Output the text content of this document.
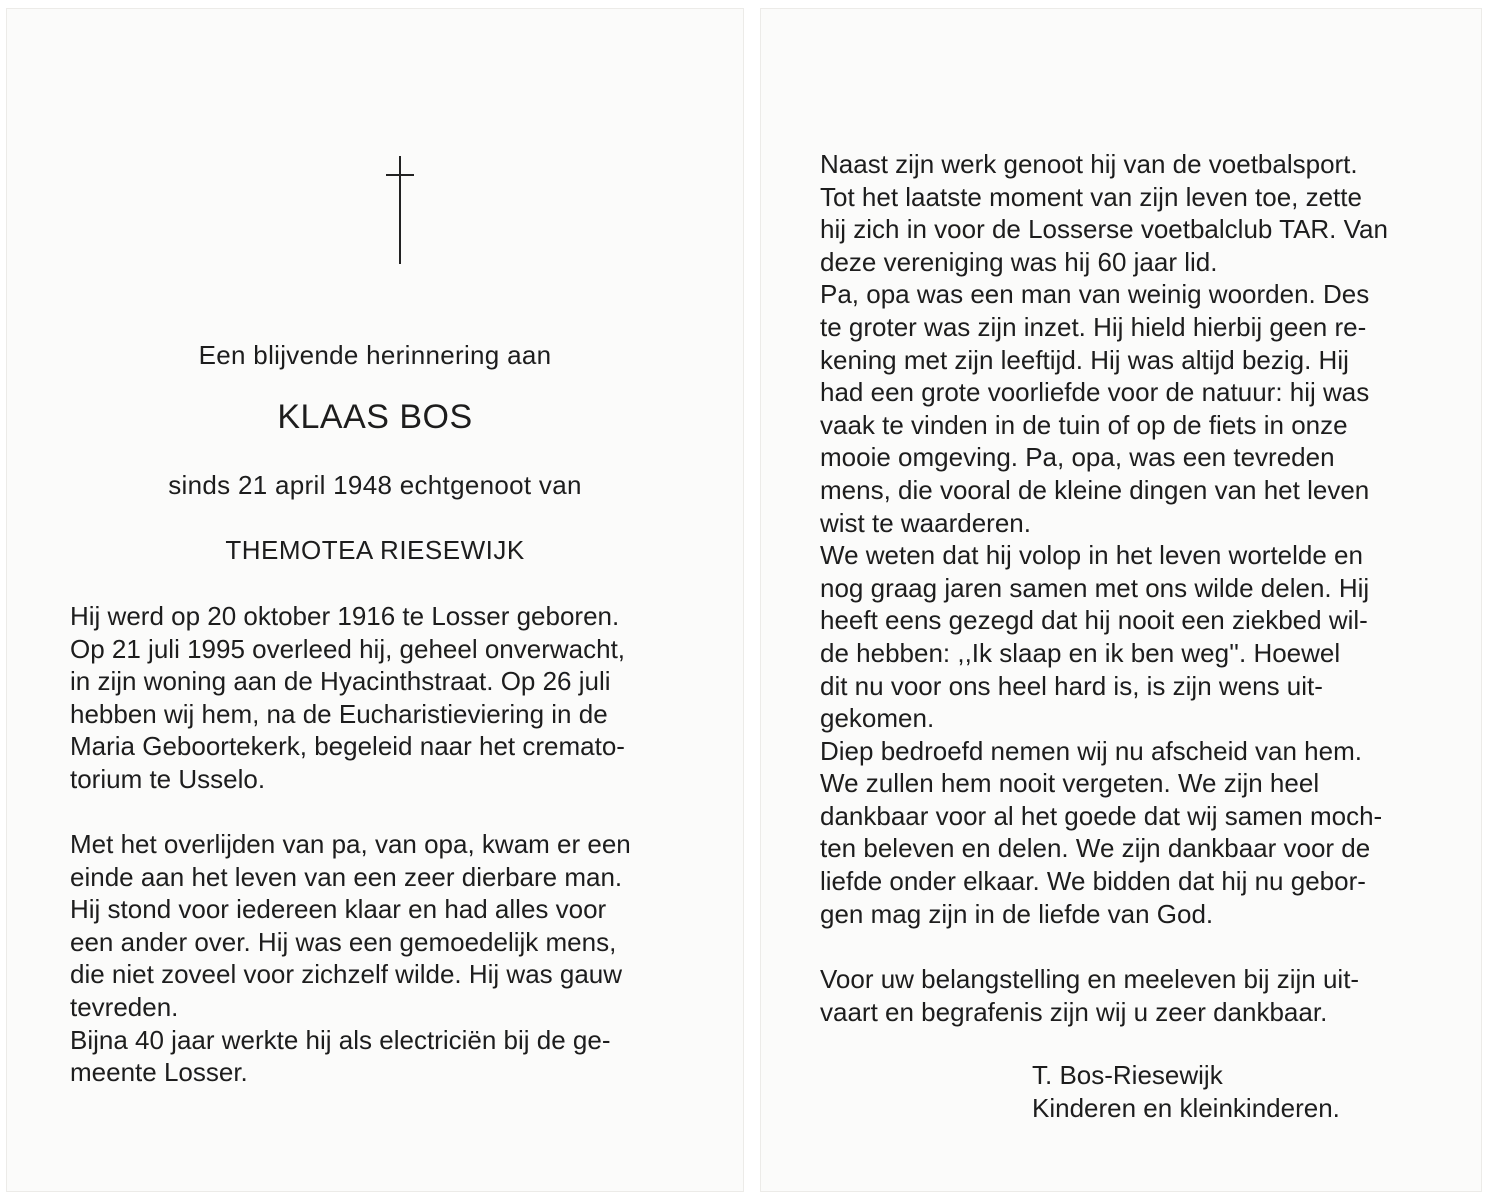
Een blijvende herinnering aan
KLAAS BOS
sinds 21 april 1948 echtgenoot van
THEMOTEA RIESEWIJK

Hij werd op 20 oktober 1916 te Losser geboren.
Op 21 juli 1995 overleed hij, geheel onverwacht,
in zijn woning aan de Hyacinthstraat. Op 26 juli
hebben wij hem, na de Eucharistieviering in de
Maria Geboortekerk, begeleid naar het cremato-
torium te Usselo.

Met het overlijden van pa, van opa, kwam er een
einde aan het leven van een zeer dierbare man.
Hij stond voor iedereen klaar en had alles voor
een ander over. Hij was een gemoedelijk mens,
die niet zoveel voor zichzelf wilde. Hij was gauw
tevreden.
Bijna 40 jaar werkte hij als electriciën bij de ge-
meente Losser.

Naast zijn werk genoot hij van de voetbalsport.
Tot het laatste moment van zijn leven toe, zette
hij zich in voor de Losserse voetbalclub TAR. Van
deze vereniging was hij 60 jaar lid.
Pa, opa was een man van weinig woorden. Des
te groter was zijn inzet. Hij hield hierbij geen re-
kening met zijn leeftijd. Hij was altijd bezig. Hij
had een grote voorliefde voor de natuur: hij was
vaak te vinden in de tuin of op de fiets in onze
mooie omgeving. Pa, opa, was een tevreden
mens, die vooral de kleine dingen van het leven
wist te waarderen.
We weten dat hij volop in het leven wortelde en
nog graag jaren samen met ons wilde delen. Hij
heeft eens gezegd dat hij nooit een ziekbed wil-
de hebben: ,,Ik slaap en ik ben weg''. Hoewel
dit nu voor ons heel hard is, is zijn wens uit-
gekomen.
Diep bedroefd nemen wij nu afscheid van hem.
We zullen hem nooit vergeten. We zijn heel
dankbaar voor al het goede dat wij samen moch-
ten beleven en delen. We zijn dankbaar voor de
liefde onder elkaar. We bidden dat hij nu gebor-
gen mag zijn in de liefde van God.

Voor uw belangstelling en meeleven bij zijn uit-
vaart en begrafenis zijn wij u zeer dankbaar.

T. Bos-Riesewijk
Kinderen en kleinkinderen.
